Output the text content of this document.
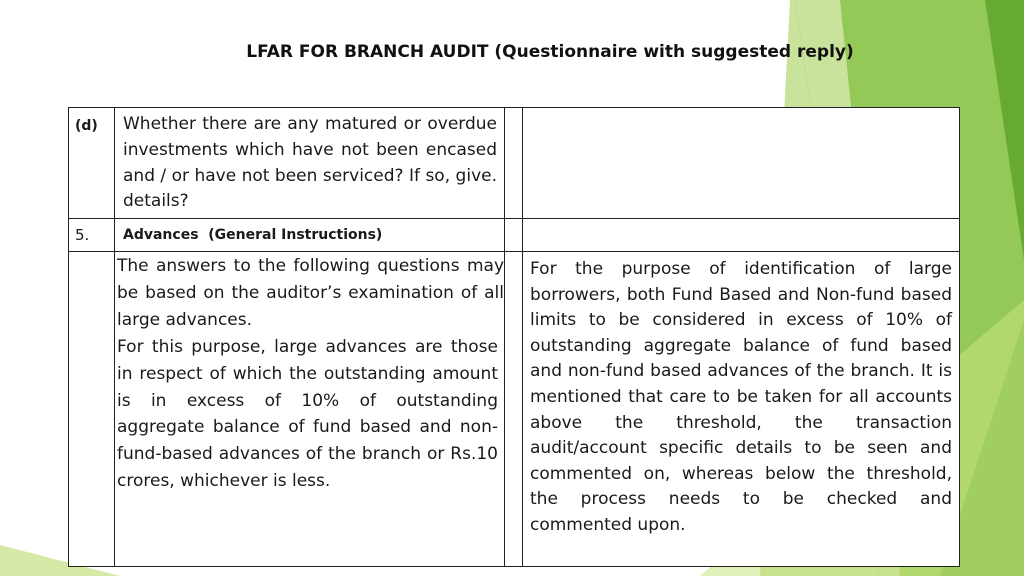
LFAR FOR BRANCH AUDIT (Questionnaire with suggested reply)
(d) Whether there are any matured or overdue investments which have not been encased and / or have not been serviced? If so, give. details?
5. Advances  (General Instructions)
The answers to the following questions may be based on the auditor’s examination of all large advances.
For this purpose, large advances are those in respect of which the outstanding amount is in excess of 10% of outstanding aggregate balance of fund based and non-fund-based advances of the branch or Rs.10 crores, whichever is less.
For the purpose of identification of large borrowers, both Fund Based and Non-fund based limits to be considered in excess of 10% of outstanding aggregate balance of fund based and non-fund based advances of the branch. It is mentioned that care to be taken for all accounts above the threshold, the transaction audit/account specific details to be seen and commented on, whereas below the threshold, the process needs to be checked and commented upon.
